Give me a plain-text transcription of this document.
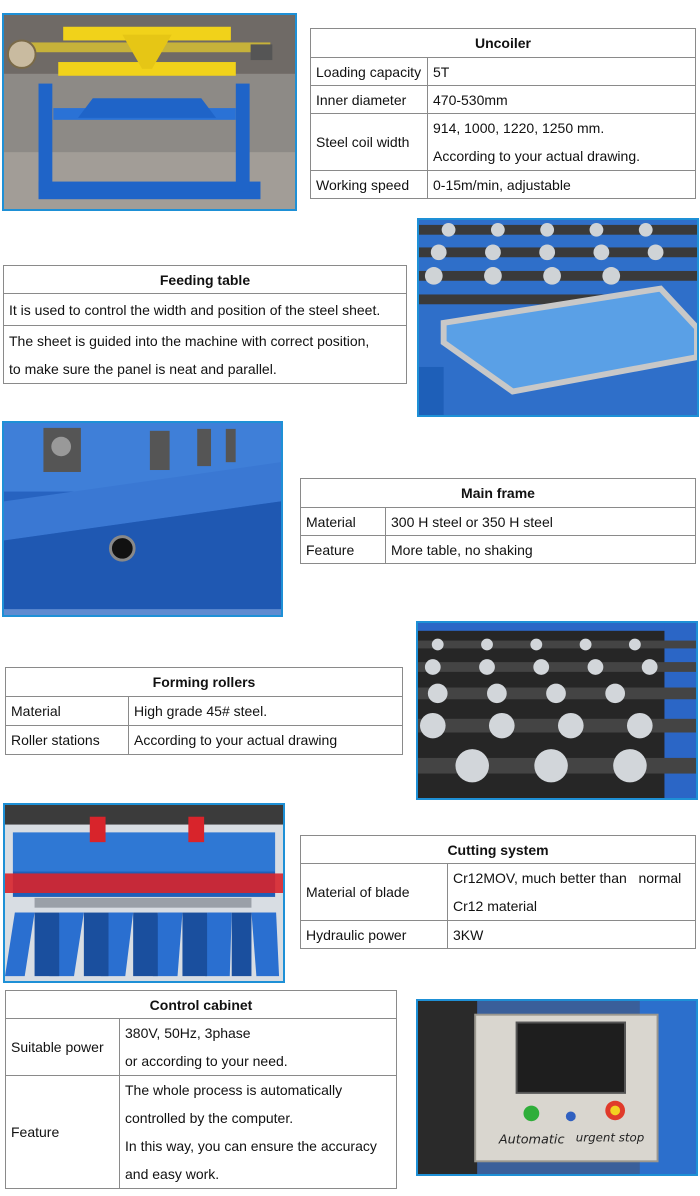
Uncoiler	
Loading capacity	5T
Inner diameter	470-530mm
Steel coil width	914, 1000, 1220, 1250 mm.
According to your actual drawing.

Working speed	0-15m/min, adjustable
Feeding table
It is used to control the width and position of the steel sheet.

The sheet is guided into the machine with correct position,
to make sure the panel is neat and parallel.
Main frame	
Material	300 H steel or 350 H steel
Feature	More table, no shaking
Forming rollers	
Material	High grade 45# steel.
Roller stations	According to your actual drawing
Cutting system	
Material of blade	Cr12MOV, much better than   normal
Cr12 material

Hydraulic power	3KW
Control cabinet	
Suitable power	380V, 50Hz, 3phase
or according to your need.

Feature	The whole process is automatically
controlled by the computer.
In this way, you can ensure the accuracy
and easy work.
Automatic urgent stop
